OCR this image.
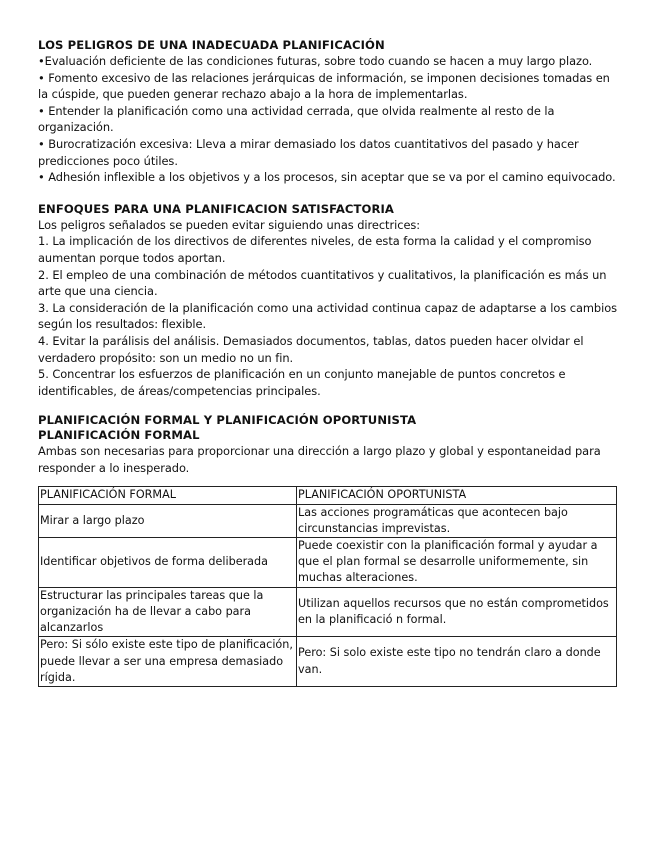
LOS PELIGROS DE UNA INADECUADA PLANIFICACIÓN

•Evaluación deficiente de las condiciones futuras, sobre todo cuando se hacen a muy largo plazo.

• Fomento excesivo de las relaciones jerárquicas de información, se imponen decisiones tomadas en la cúspide, que pueden generar rechazo abajo a la hora de implementarlas.

• Entender la planificación como una actividad cerrada, que olvida realmente al resto de la organización.

• Burocratización excesiva: Lleva a mirar demasiado los datos cuantitativos del pasado y hacer predicciones poco útiles.

• Adhesión inflexible a los objetivos y a los procesos, sin aceptar que se va por el camino equivocado.

ENFOQUES PARA UNA PLANIFICACION SATISFACTORIA

Los peligros señalados se pueden evitar siguiendo unas directrices:

1. La implicación de los directivos de diferentes niveles, de esta forma la calidad y el compromiso aumentan porque todos aportan.

2. El empleo de una combinación de métodos cuantitativos y cualitativos, la planificación es más un arte que una ciencia.

3. La consideración de la planificación como una actividad continua capaz de adaptarse a los cambios según los resultados: flexible.

4. Evitar la parálisis del análisis. Demasiados documentos, tablas, datos pueden hacer olvidar el verdadero propósito: son un medio no un fin.

5. Concentrar los esfuerzos de planificación en un conjunto manejable de puntos concretos e identificables, de áreas/competencias principales.

PLANIFICACIÓN FORMAL Y PLANIFICACIÓN OPORTUNISTA

PLANIFICACIÓN FORMAL

Ambas son necesarias para proporcionar una dirección a largo plazo y global y espontaneidad para responder a lo inesperado.

PLANIFICACIÓN FORMAL	PLANIFICACIÓN OPORTUNISTA
Mirar a largo plazo	Las acciones programáticas que acontecen bajo circunstancias imprevistas.
Identificar objetivos de forma deliberada	Puede coexistir con la planificación formal y ayudar a que el plan formal se desarrolle uniformemente, sin muchas alteraciones.
Estructurar las principales tareas que la organización ha de llevar a cabo para alcanzarlos	Utilizan aquellos recursos que no están comprometidos en la planificació n formal.
Pero: Si sólo existe este tipo de planificación, puede llevar a ser una empresa demasiado rígida.	Pero: Si solo existe este tipo no tendrán claro a donde van.
